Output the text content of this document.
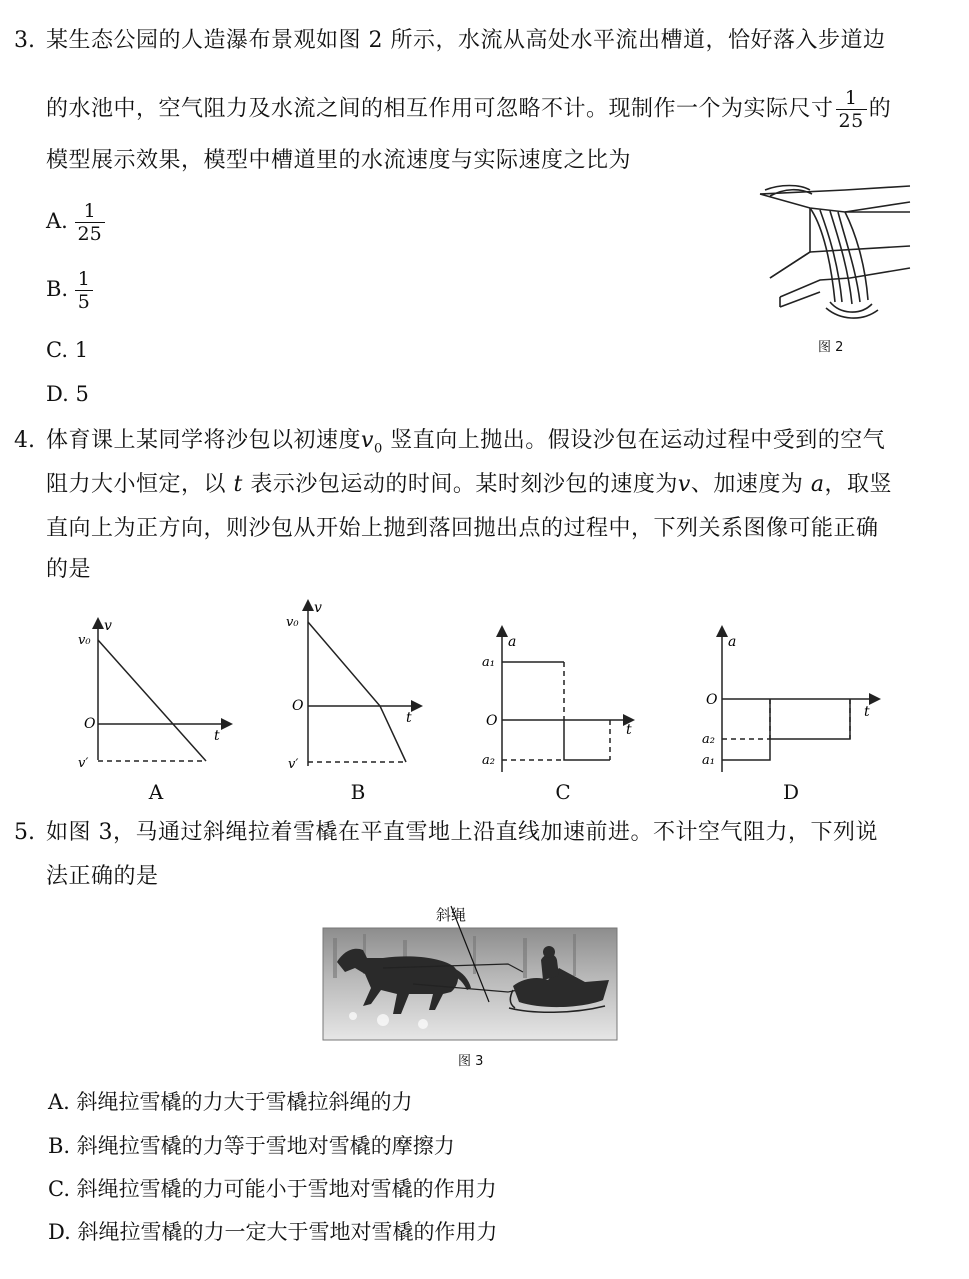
3. 某生态公园的人造瀑布景观如图 2 所示，水流从高处水平流出槽道，恰好落入步道边
的水池中，空气阻力及水流之间的相互作用可忽略不计。现制作一个为实际尺寸 $\frac{1}{25}$ 的
模型展示效果，模型中槽道里的水流速度与实际速度之比为
A. $\frac{1}{25}$
B. $\frac{1}{5}$
C. 1
D. 5
图 2
4. 体育课上某同学将沙包以初速度$v_0$ 竖直向上抛出。假设沙包在运动过程中受到的空气
阻力大小恒定，以 t 表示沙包运动的时间。某时刻沙包的速度为v、加速度为 a，取竖
直向上为正方向，则沙包从开始上抛到落回抛出点的过程中，下列关系图像可能正确
的是
v₀
v
O
t
v′
A
v₀
v
O
t
v′
B
a
a₁
O
t
a₂
C
a
O
t
a₂
a₁
D
5. 如图 3，马通过斜绳拉着雪橇在平直雪地上沿直线加速前进。不计空气阻力，下列说
法正确的是
斜绳
图 3
A. 斜绳拉雪橇的力大于雪橇拉斜绳的力
B. 斜绳拉雪橇的力等于雪地对雪橇的摩擦力
C. 斜绳拉雪橇的力可能小于雪地对雪橇的作用力
D. 斜绳拉雪橇的力一定大于雪地对雪橇的作用力
